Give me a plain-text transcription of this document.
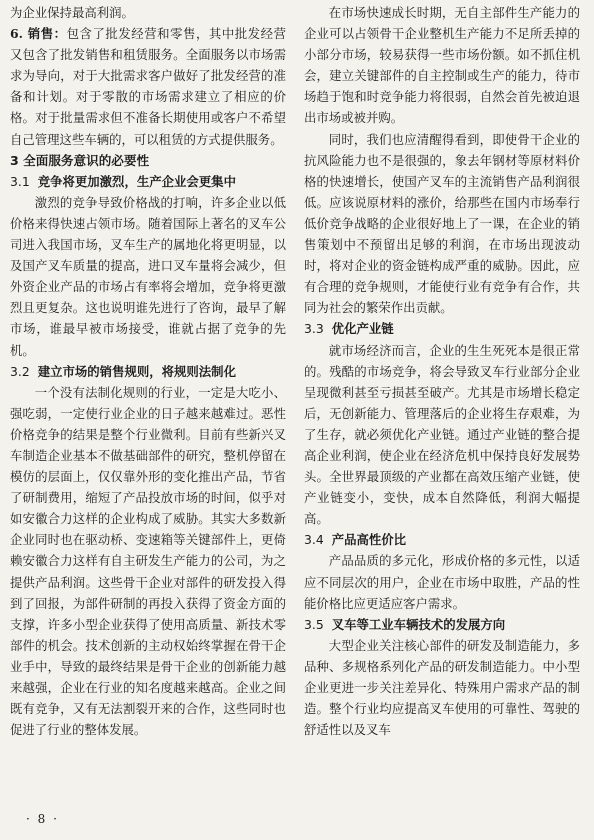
为企业保持最高利润。

6. 销售：包含了批发经营和零售，其中批发经营又包含了批发销售和租赁服务。全面服务以市场需求为导向，对于大批需求客户做好了批发经营的准备和计划。对于零散的市场需求建立了相应的价格。对于批量需求但不准备长期使用或客户不希望自己管理这些车辆的，可以租赁的方式提供服务。

3 全面服务意识的必要性
3.1 竞争将更加激烈，生产企业会更集中

激烈的竞争导致价格战的打响，许多企业以低价格来得快速占领市场。随着国际上著名的叉车公司进入我国市场，叉车生产的属地化将更明显，以及国产叉车质量的提高，进口叉车量将会减少，但外资企业产品的市场占有率将会增加，竞争将更激烈且更复杂。这也说明谁先进行了咨询，最早了解市场，谁最早被市场接受，谁就占据了竞争的先机。

3.2 建立市场的销售规则，将规则法制化

一个没有法制化规则的行业，一定是大吃小、强吃弱，一定使行业企业的日子越来越难过。恶性价格竞争的结果是整个行业微利。目前有些新兴叉车制造企业基本不做基础部件的研究，整机停留在模仿的层面上，仅仅靠外形的变化推出产品，节省了研制费用，缩短了产品投放市场的时间，似乎对如安徽合力这样的企业构成了威胁。其实大多数新企业同时也在驱动桥、变速箱等关键部件上，更倚赖安徽合力这样有自主研发生产能力的公司，为之提供产品利润。这些骨干企业对部件的研发投入得到了回报，为部件研制的再投入获得了资金方面的支撑，许多小型企业获得了使用高质量、新技术零部件的机会。技术创新的主动权始终掌握在骨干企业手中，导致的最终结果是骨干企业的创新能力越来越强，企业在行业的知名度越来越高。企业之间既有竞争，又有无法割裂开来的合作，这些同时也促进了行业的整体发展。

在市场快速成长时期，无自主部件生产能力的企业可以占领骨干企业整机生产能力不足所丢掉的小部分市场，较易获得一些市场份额。如不抓住机会，建立关键部件的自主控制或生产的能力，待市场趋于饱和时竞争能力将很弱，自然会首先被迫退出市场或被并购。

同时，我们也应清醒得看到，即使骨干企业的抗风险能力也不是很强的，象去年钢材等原材料价格的快速增长，使国产叉车的主流销售产品利润很低。应该说原材料的涨价，给那些在国内市场奉行低价竞争战略的企业很好地上了一课，在企业的销售策划中不预留出足够的利润，在市场出现波动时，将对企业的资金链构成严重的威胁。因此，应有合理的竞争规则，才能使行业有竞争有合作，共同为社会的繁荣作出贡献。

3.3 优化产业链

就市场经济而言，企业的生生死死本是很正常的。残酷的市场竞争，将会导致叉车行业部分企业呈现微利甚至亏损甚至破产。尤其是市场增长稳定后，无创新能力、管理落后的企业将生存艰难，为了生存，就必须优化产业链。通过产业链的整合提高企业利润，使企业在经济危机中保持良好发展势头。全世界最顶级的产业都在高效压缩产业链，使产业链变小，变快，成本自然降低，利润大幅提高。

3.4 产品高性价比

产品品质的多元化，形成价格的多元性，以适应不同层次的用户，企业在市场中取胜，产品的性能价格比应更适应客户需求。

3.5 叉车等工业车辆技术的发展方向

大型企业关注核心部件的研发及制造能力，多品种、多规格系列化产品的研发制造能力。中小型企业更进一步关注差异化、特殊用户需求产品的制造。整个行业均应提高叉车使用的可靠性、驾驶的舒适性以及叉车

· 8 ·
